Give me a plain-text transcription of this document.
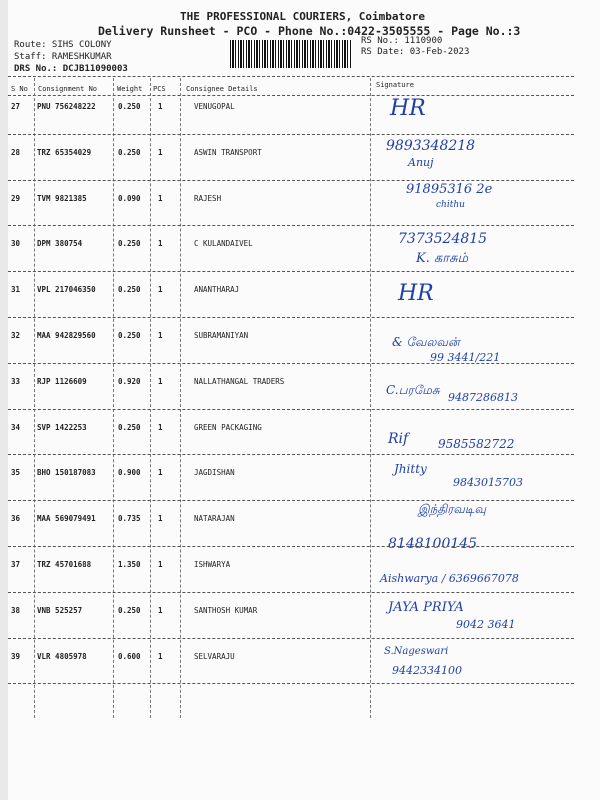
THE PROFESSIONAL COURIERS, Coimbatore
Delivery Runsheet - PCO - Phone No.:0422-3505555 - Page No.:3
Route: SIHS COLONY
Staff: RAMESHKUMAR
DRS No.: DCJB11090003
RS No.: 1110900
RS Date: 03-Feb-2023
S No Consignment No	Weight PCS	Consignee Details	Signature
27 PNU 756248222	0.250 1	VENUGOPAL	HR
28 TRZ 65354029	0.250 1	ASWIN TRANSPORT	9893348218
Anuj
29 TVM 9821385	0.090 1	RAJESH
91895316 2e
chithu
30 DPM 380754	0.250 1	C KULANDAIVEL	7373524815
K. காசும்
31 VPL 217046350	0.250 1	ANANTHARAJ	HR
32 MAA 942829560	0.250 1	SUBRAMANIYAN	& வேலவன்
99 3441/221
33 RJP 1126609	0.920 1	NALLATHANGAL TRADERS
C.பரமேசு
9487286813
34 SVP 1422253	0.250 1	GREEN PACKAGING
Rif 9585582722
35 BHO 150187083	0.900 1	JAGDISHAN	Jhitty
9843015703
36 MAA 569079491	0.735 1	NATARAJAN
இந்திரவடிவு
8148100145
37 TRZ 45701688	1.350 1	ISHWARYA
Aishwarya / 6369667078
38 VNB 525257	0.250 1	SANTHOSH KUMAR	JAYA PRIYA
9042 3641
39 VLR 4805978	0.600 1	SELVARAJU	S.Nageswari
9442334100
